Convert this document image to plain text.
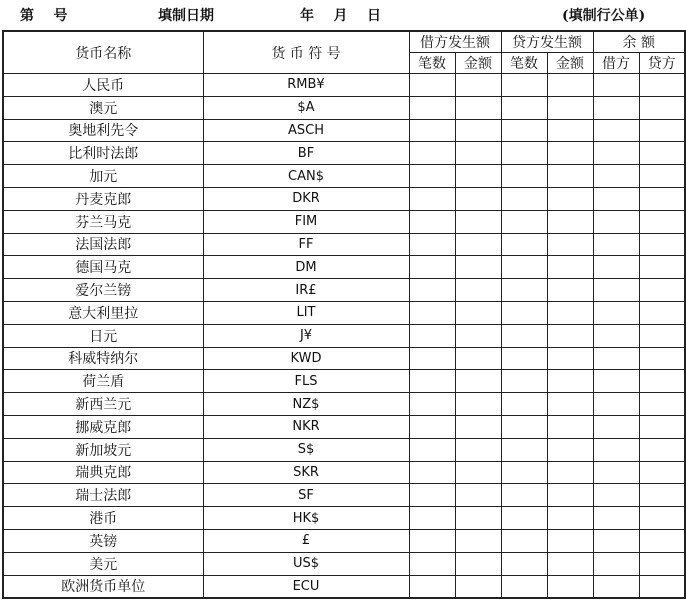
第    号	填制日期	年    月    日	(填制行公单)
货币名称	货 币 符 号	借方发生额		贷方发生额		余 额	
		笔数	金额	笔数	金额	借方	贷方
人民币	RMB¥						
澳元	$A						
奥地利先令	ASCH						
比利时法郎	BF						
加元	CAN$						
丹麦克郎	DKR						
芬兰马克	FIM						
法国法郎	FF						
德国马克	DM						
爱尔兰镑	IR£						
意大利里拉	LIT						
日元	J¥						
科威特纳尔	KWD						
荷兰盾	FLS						
新西兰元	NZ$						
挪威克郎	NKR						
新加坡元	S$						
瑞典克郎	SKR						
瑞士法郎	SF						
港币	HK$						
英镑	£						
美元	US$						
欧洲货币单位	ECU						
